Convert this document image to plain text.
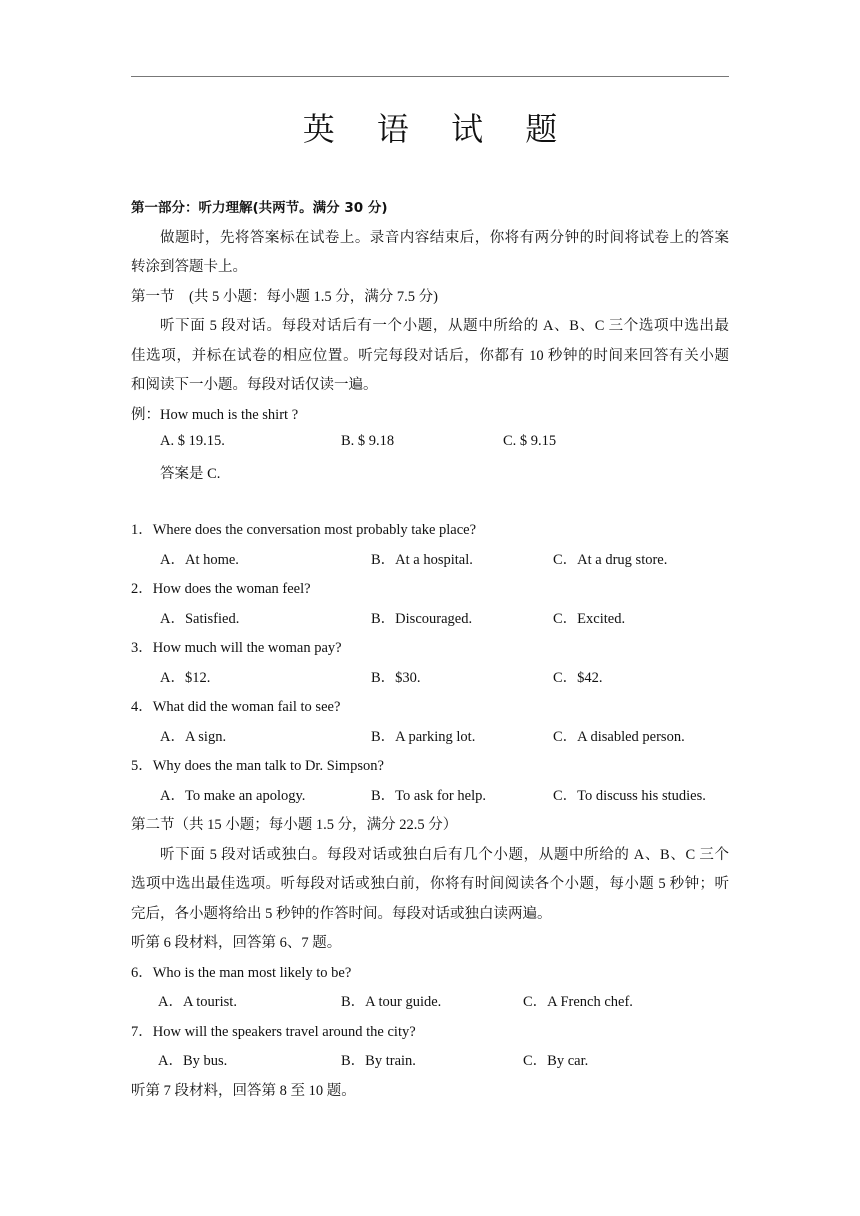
英 语 试 题
第一部分：听力理解(共两节。满分 30 分)
做题时，先将答案标在试卷上。录音内容结束后，你将有两分钟的时间将试卷上的答案
转涂到答题卡上。
第一节　(共 5 小题：每小题 1.5 分，满分 7.5 分)
听下面 5 段对话。每段对话后有一个小题，从题中所给的 A、B、C 三个选项中选出最
佳选项，并标在试卷的相应位置。听完每段对话后，你都有 10 秒钟的时间来回答有关小题
和阅读下一小题。每段对话仅读一遍。
例：How much is the shirt ?
A. $ 19.15.	B. $ 9.18	C. $ 9.15
答案是 C.
1．Where does the conversation most probably take place?
A．At home.	B．At a hospital.	C．At a drug store.
2．How does the woman feel?
A．Satisfied.	B．Discouraged.	C．Excited.
3．How much will the woman pay?
A．$12.	B．$30.	C．$42.
4．What did the woman fail to see?
A．A sign.	B．A parking lot.	C．A disabled person.
5．Why does the man talk to Dr. Simpson?
A．To make an apology.	B．To ask for help.	C．To discuss his studies.
第二节（共 15 小题；每小题 1.5 分，满分 22.5 分）
听下面 5 段对话或独白。每段对话或独白后有几个小题，从题中所给的 A、B、C 三个
选项中选出最佳选项。听每段对话或独白前，你将有时间阅读各个小题，每小题 5 秒钟；听
完后，各小题将给出 5 秒钟的作答时间。每段对话或独白读两遍。
听第 6 段材料，回答第 6、7 题。
6．Who is the man most likely to be?
A．A tourist.	B．A tour guide.	C．A French chef.
7．How will the speakers travel around the city?
A．By bus.	B．By train.	C．By car.
听第 7 段材料，回答第 8 至 10 题。
